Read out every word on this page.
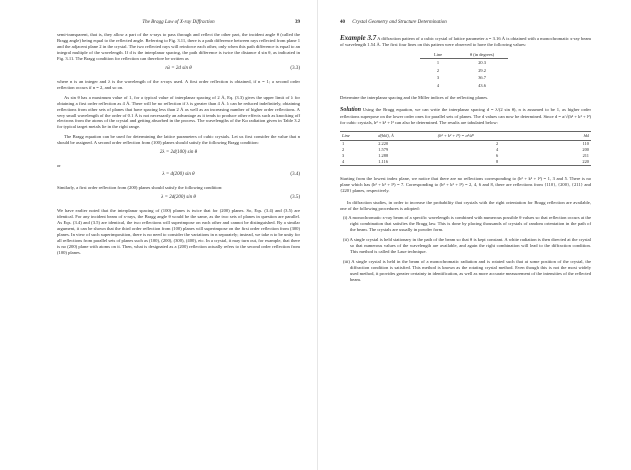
The Bragg Law of X-ray Diffraction	39

semi-transparent, that is, they allow a part of the x-rays to pass through and reflect the other part, the incident angle θ (called the Bragg angle) being equal to the reflected angle. Referring to Fig. 3.11, there is a path difference between rays reflected from plane 1 and the adjacent plane 2 in the crystal. The two reflected rays will reinforce each other, only when this path difference is equal to an integral multiple of the wavelength. If d is the interplanar spacing, the path difference is twice the distance d sin θ, as indicated in Fig. 3.11. The Bragg condition for reflection can therefore be written as

nλ = 2d sin θ	(3.3)

where n is an integer and λ is the wavelength of the x-rays used. A first order reflection is obtained, if n = 1; a second order reflection occurs if n = 2, and so on.

As sin θ has a maximum value of 1, for a typical value of interplanar spacing of 2 Å, Eq. (3.3) gives the upper limit of λ for obtaining a first order reflection as 4 Å. There will be no reflection if λ is greater than 4 Å. λ can be reduced indefinitely, obtaining reflections from other sets of planes that have spacing less than 2 Å as well as an increasing number of higher order reflections. A very small wavelength of the order of 0.1 Å is not necessarily an advantage as it tends to produce other effects such as knocking off electrons from the atoms of the crystal and getting absorbed in the process. The wavelengths of the Kα radiation given in Table 3.2 for typical target metals lie in the right range.

The Bragg equation can be used for determining the lattice parameters of cubic crystals. Let us first consider the value that n should be assigned. A second order reflection from (100) planes should satisfy the following Bragg condition:

2λ = 2d(100) sin θ
or
λ = d(200) sin θ	(3.4)

Similarly, a first order reflection from (200) planes should satisfy the following condition:

λ = 2d(200) sin θ	(3.5)

We have earlier noted that the interplanar spacing of (100) planes is twice that for (200) planes. So, Eqs. (3.4) and (3.5) are identical. For any incident beam of x-rays, the Bragg angle θ would be the same, as the two sets of planes in question are parallel. As Eqs. (3.4) and (3.5) are identical, the two reflections will superimpose on each other and cannot be distinguished. By a similar argument, it can be shown that the third order reflection from (100) planes will superimpose on the first order reflection from (300) planes. In view of such superimposition, there is no need to consider the variations in n separately; instead, we take n to be unity for all reflections from parallel sets of planes such as (100), (200), (300), (400), etc. In a crystal, it may turn out, for example, that there is no (200) plane with atoms on it. Then, what is designated as a (200) reflection actually refers to the second order reflection from (100) planes.

40 Crystal Geometry and Structure Determination

Example 3.7 A diffraction pattern of a cubic crystal of lattice parameter a = 3.16 Å is obtained with a monochromatic x-ray beam of wavelength 1.54 Å. The first four lines on this pattern were observed to have the following values:

Line	θ (in degrees)
1	20.3
2	29.2
3	36.7
4	43.6

Determine the interplanar spacing and the Miller indices of the reflecting planes.

Solution Using the Bragg equation, we can write the interplanar spacing d = λ/(2 sin θ), n is assumed to be 1, as higher order reflections superpose on the lower order ones for parallel sets of planes. The d values can now be determined. Since d = a/√(h² + k² + l²) for cubic crystals, h² + k² + l² can also be determined. The results are tabulated below:

Line	d(hkl), Å	(h² + k² + l²) = a²/d²	hkl
1	2.220	2	110
2	1.579	4	200
3	1.288	6	211
4	1.116	8	220

Starting from the lowest index plane, we notice that there are no reflections corresponding to (h² + k² + l²) = 1, 3 and 5. There is no plane which has (h² + k² + l²) = 7. Corresponding to (h² + k² + l²) = 2, 4, 6 and 8, there are reflections from {110}, {200}, {211} and {220} planes, respectively.

In diffraction studies, in order to increase the probability that crystals with the right orientation for Bragg reflection are available, one of the following procedures is adopted:

(i) A monochromatic x-ray beam of a specific wavelength is combined with numerous possible θ values so that reflection occurs at the right combination that satisfies the Bragg law. This is done by placing thousands of crystals of random orientation in the path of the beam. The crystals are usually in powder form.

(ii) A single crystal is held stationary in the path of the beam so that θ is kept constant. A white radiation is then directed at the crystal so that numerous values of the wavelength are available, and again the right combination will lead to the diffraction condition. This method is called the Laue technique.

(iii) A single crystal is held in the beam of a monochromatic radiation and is rotated such that at some position of the crystal, the diffraction condition is satisfied. This method is known as the rotating crystal method. Even though this is not the most widely used method, it provides greater certainty in identification, as well as more accurate measurement of the intensities of the reflected beam.
